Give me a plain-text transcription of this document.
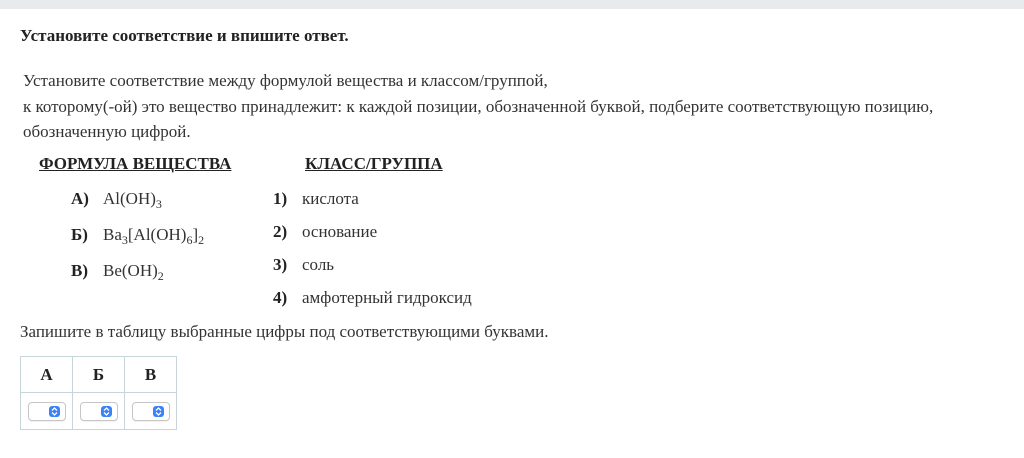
Установите соответствие и впишите ответ.
Установите соответствие между формулой вещества и классом/группой,
к которому(-ой) это вещество принадлежит: к каждой позиции, обозначенной буквой, подберите соответствующую позицию,
обозначенную цифрой.
ФОРМУЛА ВЕЩЕСТВА	КЛАСС/ГРУППА
А) $Al(OH)_3$
Б) $Ba_3[Al(OH)_6]_2$
В) $Be(OH)_2$
1) кислота
2) основание
3) соль
4) амфотерный гидроксид
Запишите в таблицу выбранные цифры под соответствующими буквами.
А	Б	В
